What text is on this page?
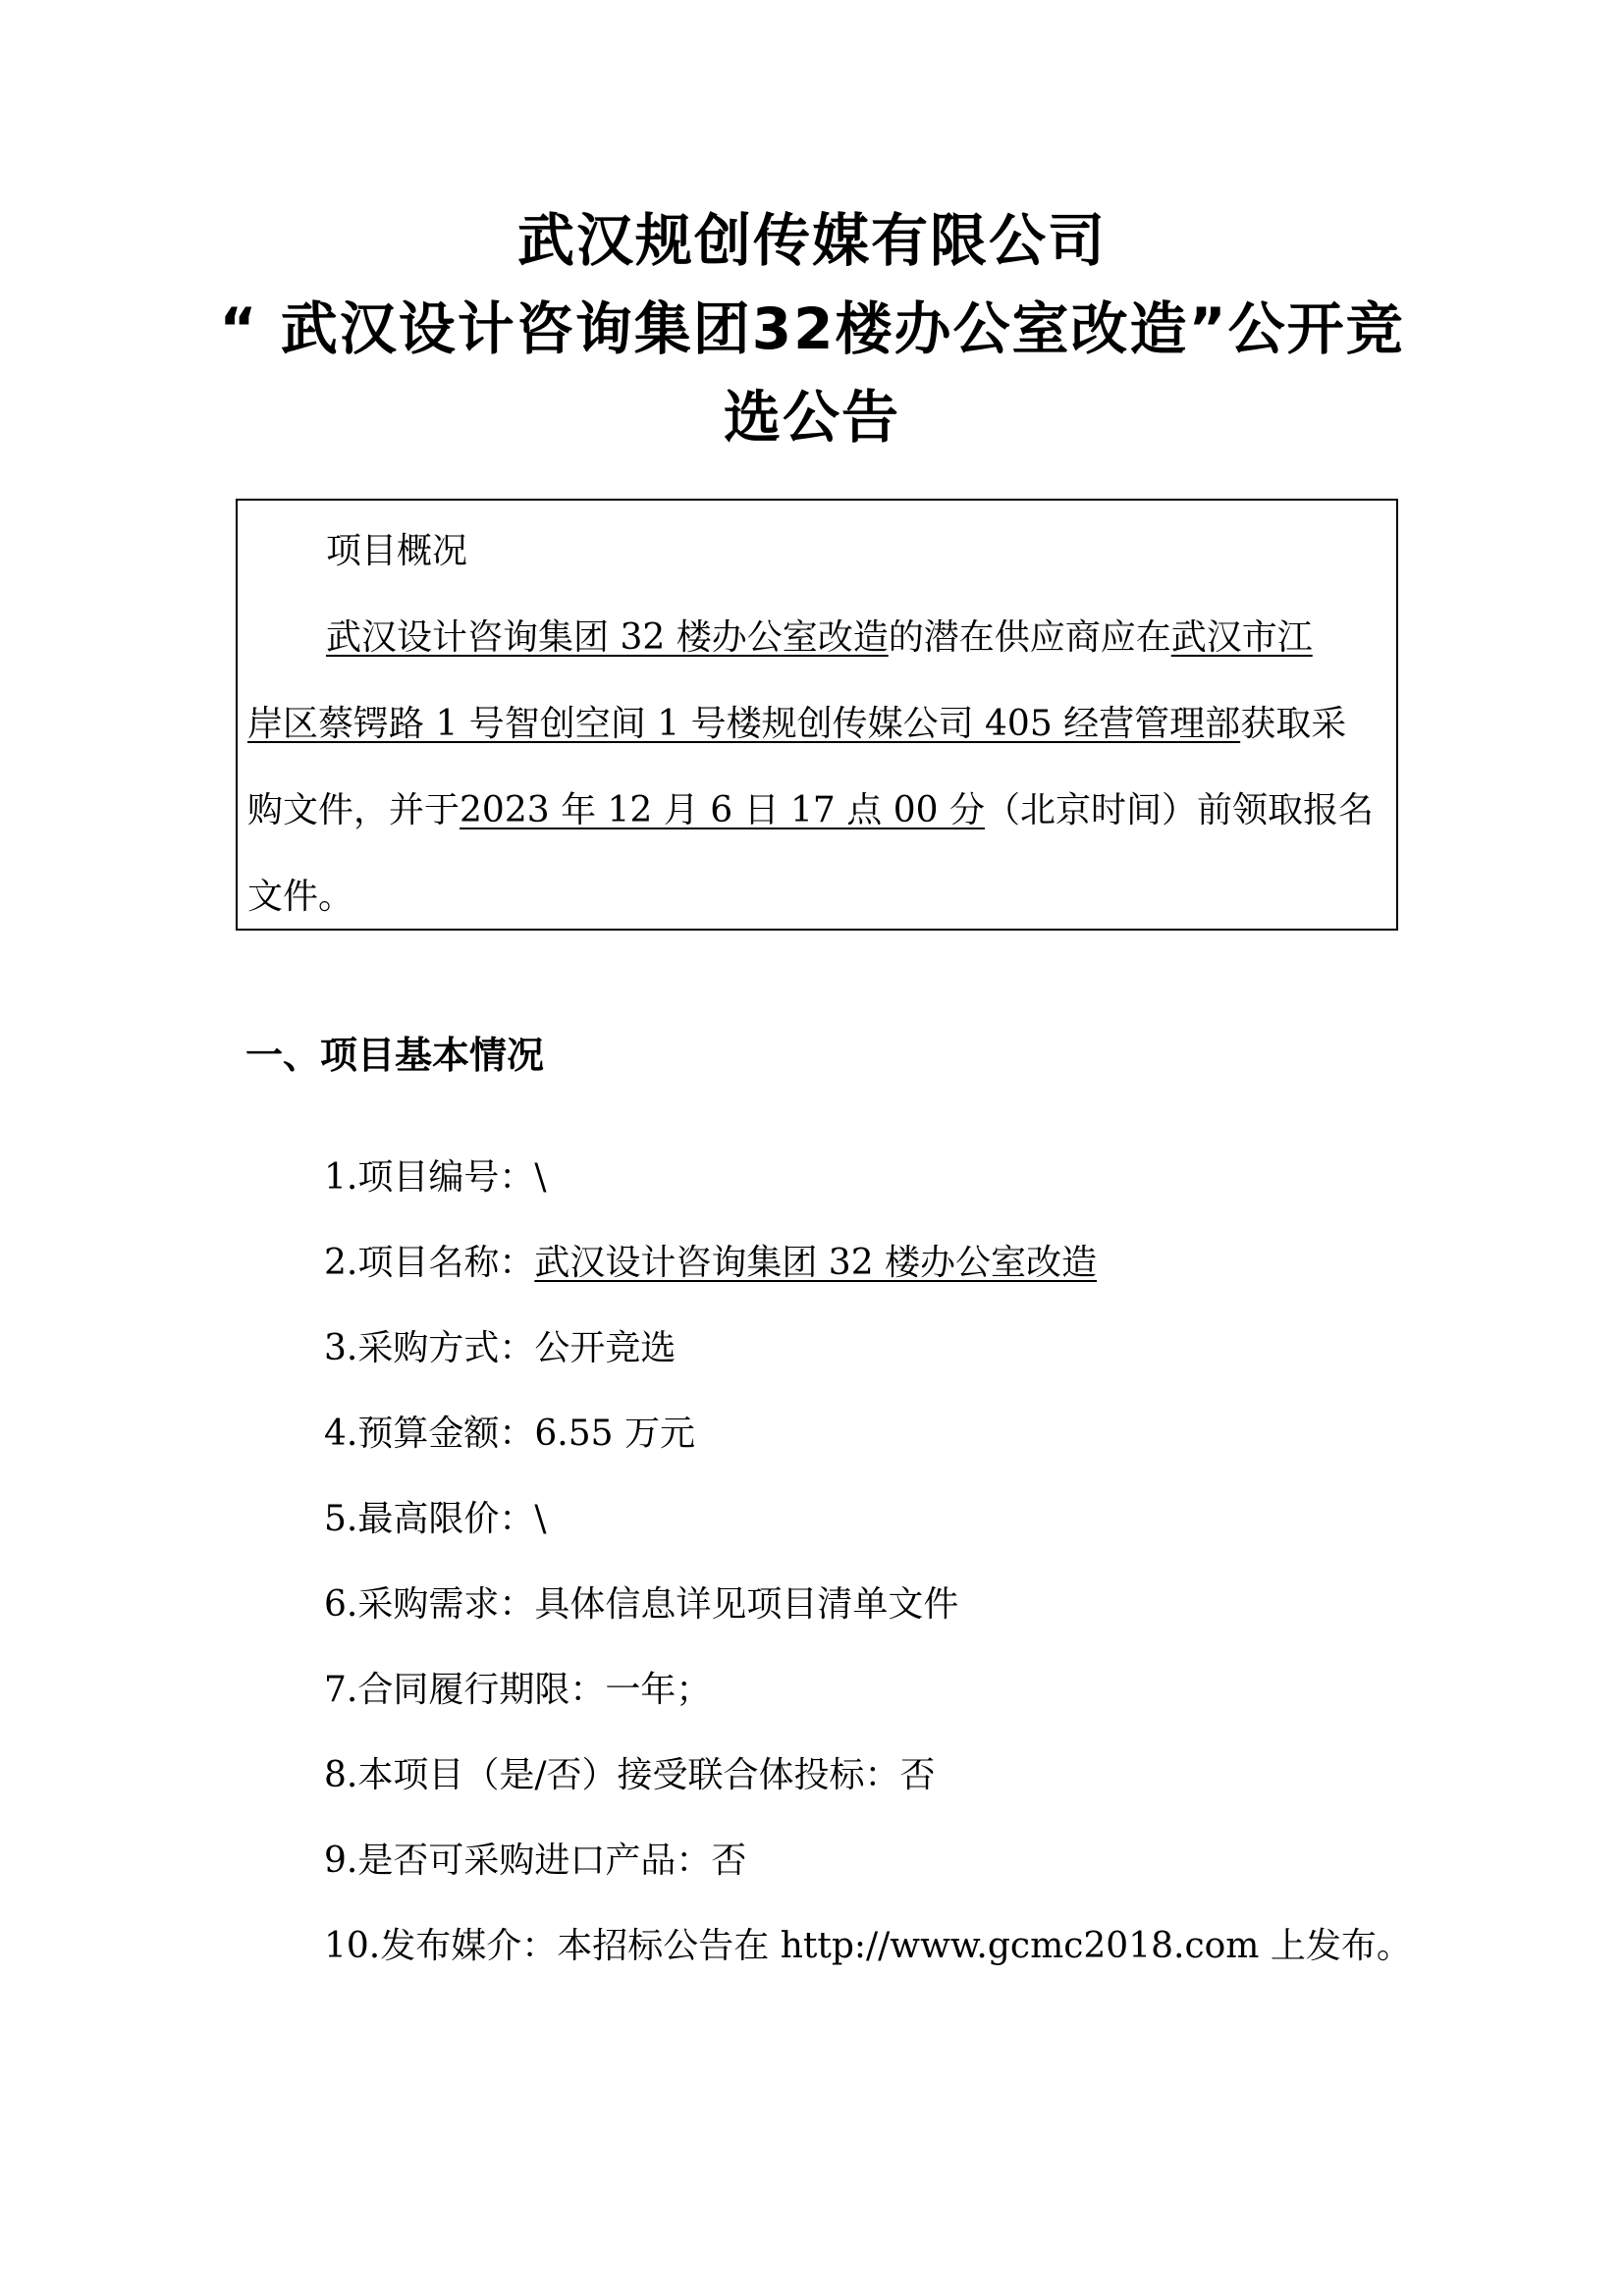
武汉规创传媒有限公司
“ 武汉设计咨询集团32楼办公室改造”公开竞
选公告
项目概况
武汉设计咨询集团 32 楼办公室改造的潜在供应商应在武汉市江
岸区蔡锷路 1 号智创空间 1 号楼规创传媒公司 405 经营管理部获取采
购文件，并于2023 年 12 月 6 日 17 点 00 分（北京时间）前领取报名
文件。
一、项目基本情况
1.项目编号：\
2.项目名称：武汉设计咨询集团 32 楼办公室改造
3.采购方式：公开竞选
4.预算金额：6.55 万元
5.最高限价：\
6.采购需求：具体信息详见项目清单文件
7.合同履行期限：一年；
8.本项目（是/否）接受联合体投标：否
9.是否可采购进口产品：否
10.发布媒介：本招标公告在 http://www.gcmc2018.com 上发布。
